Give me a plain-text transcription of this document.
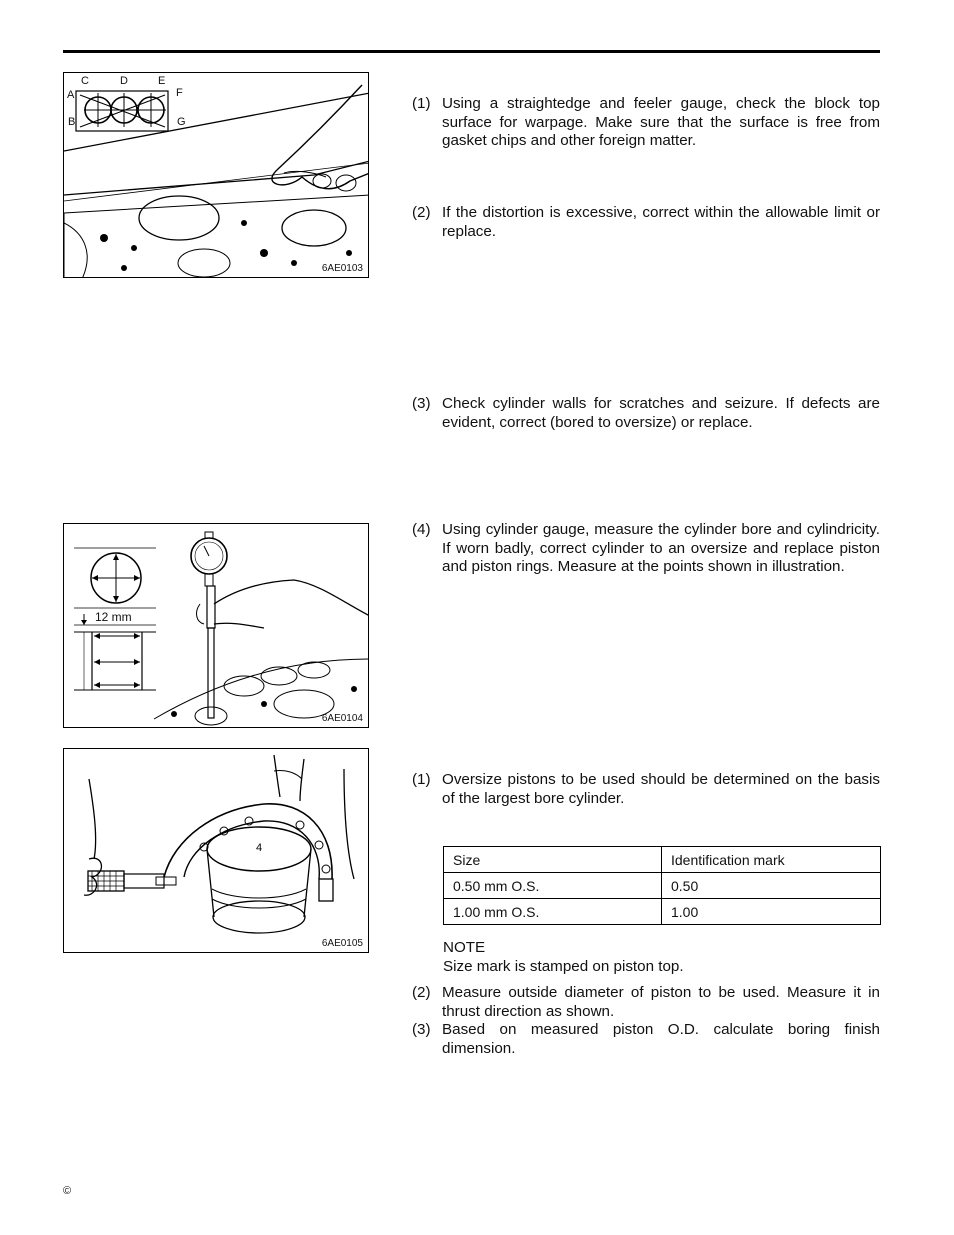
C	D	E
A	F
B	G
6AE0103
12 mm
6AE0104
4
6AE0105
(1) Using a straightedge and feeler gauge, check the block top surface for warpage. Make sure that the surface is free from gasket chips and other foreign matter.
(2) If the distortion is excessive, correct within the allowable limit or replace.
(3) Check cylinder walls for scratches and seizure. If defects are evident, correct (bored to oversize) or replace.
(4) Using cylinder gauge, measure the cylinder bore and cylindricity. If worn badly, correct cylinder to an oversize and replace piston and piston rings. Measure at the points shown in illustration.
(1) Oversize pistons to be used should be determined on the basis of the largest bore cylinder.
Size	Identification mark
0.50 mm O.S.	0.50
1.00 mm O.S.	1.00
NOTE
Size mark is stamped on piston top.
(2) Measure outside diameter of piston to be used. Measure it in thrust direction as shown.
(3) Based on measured piston O.D. calculate boring finish dimension.
©
